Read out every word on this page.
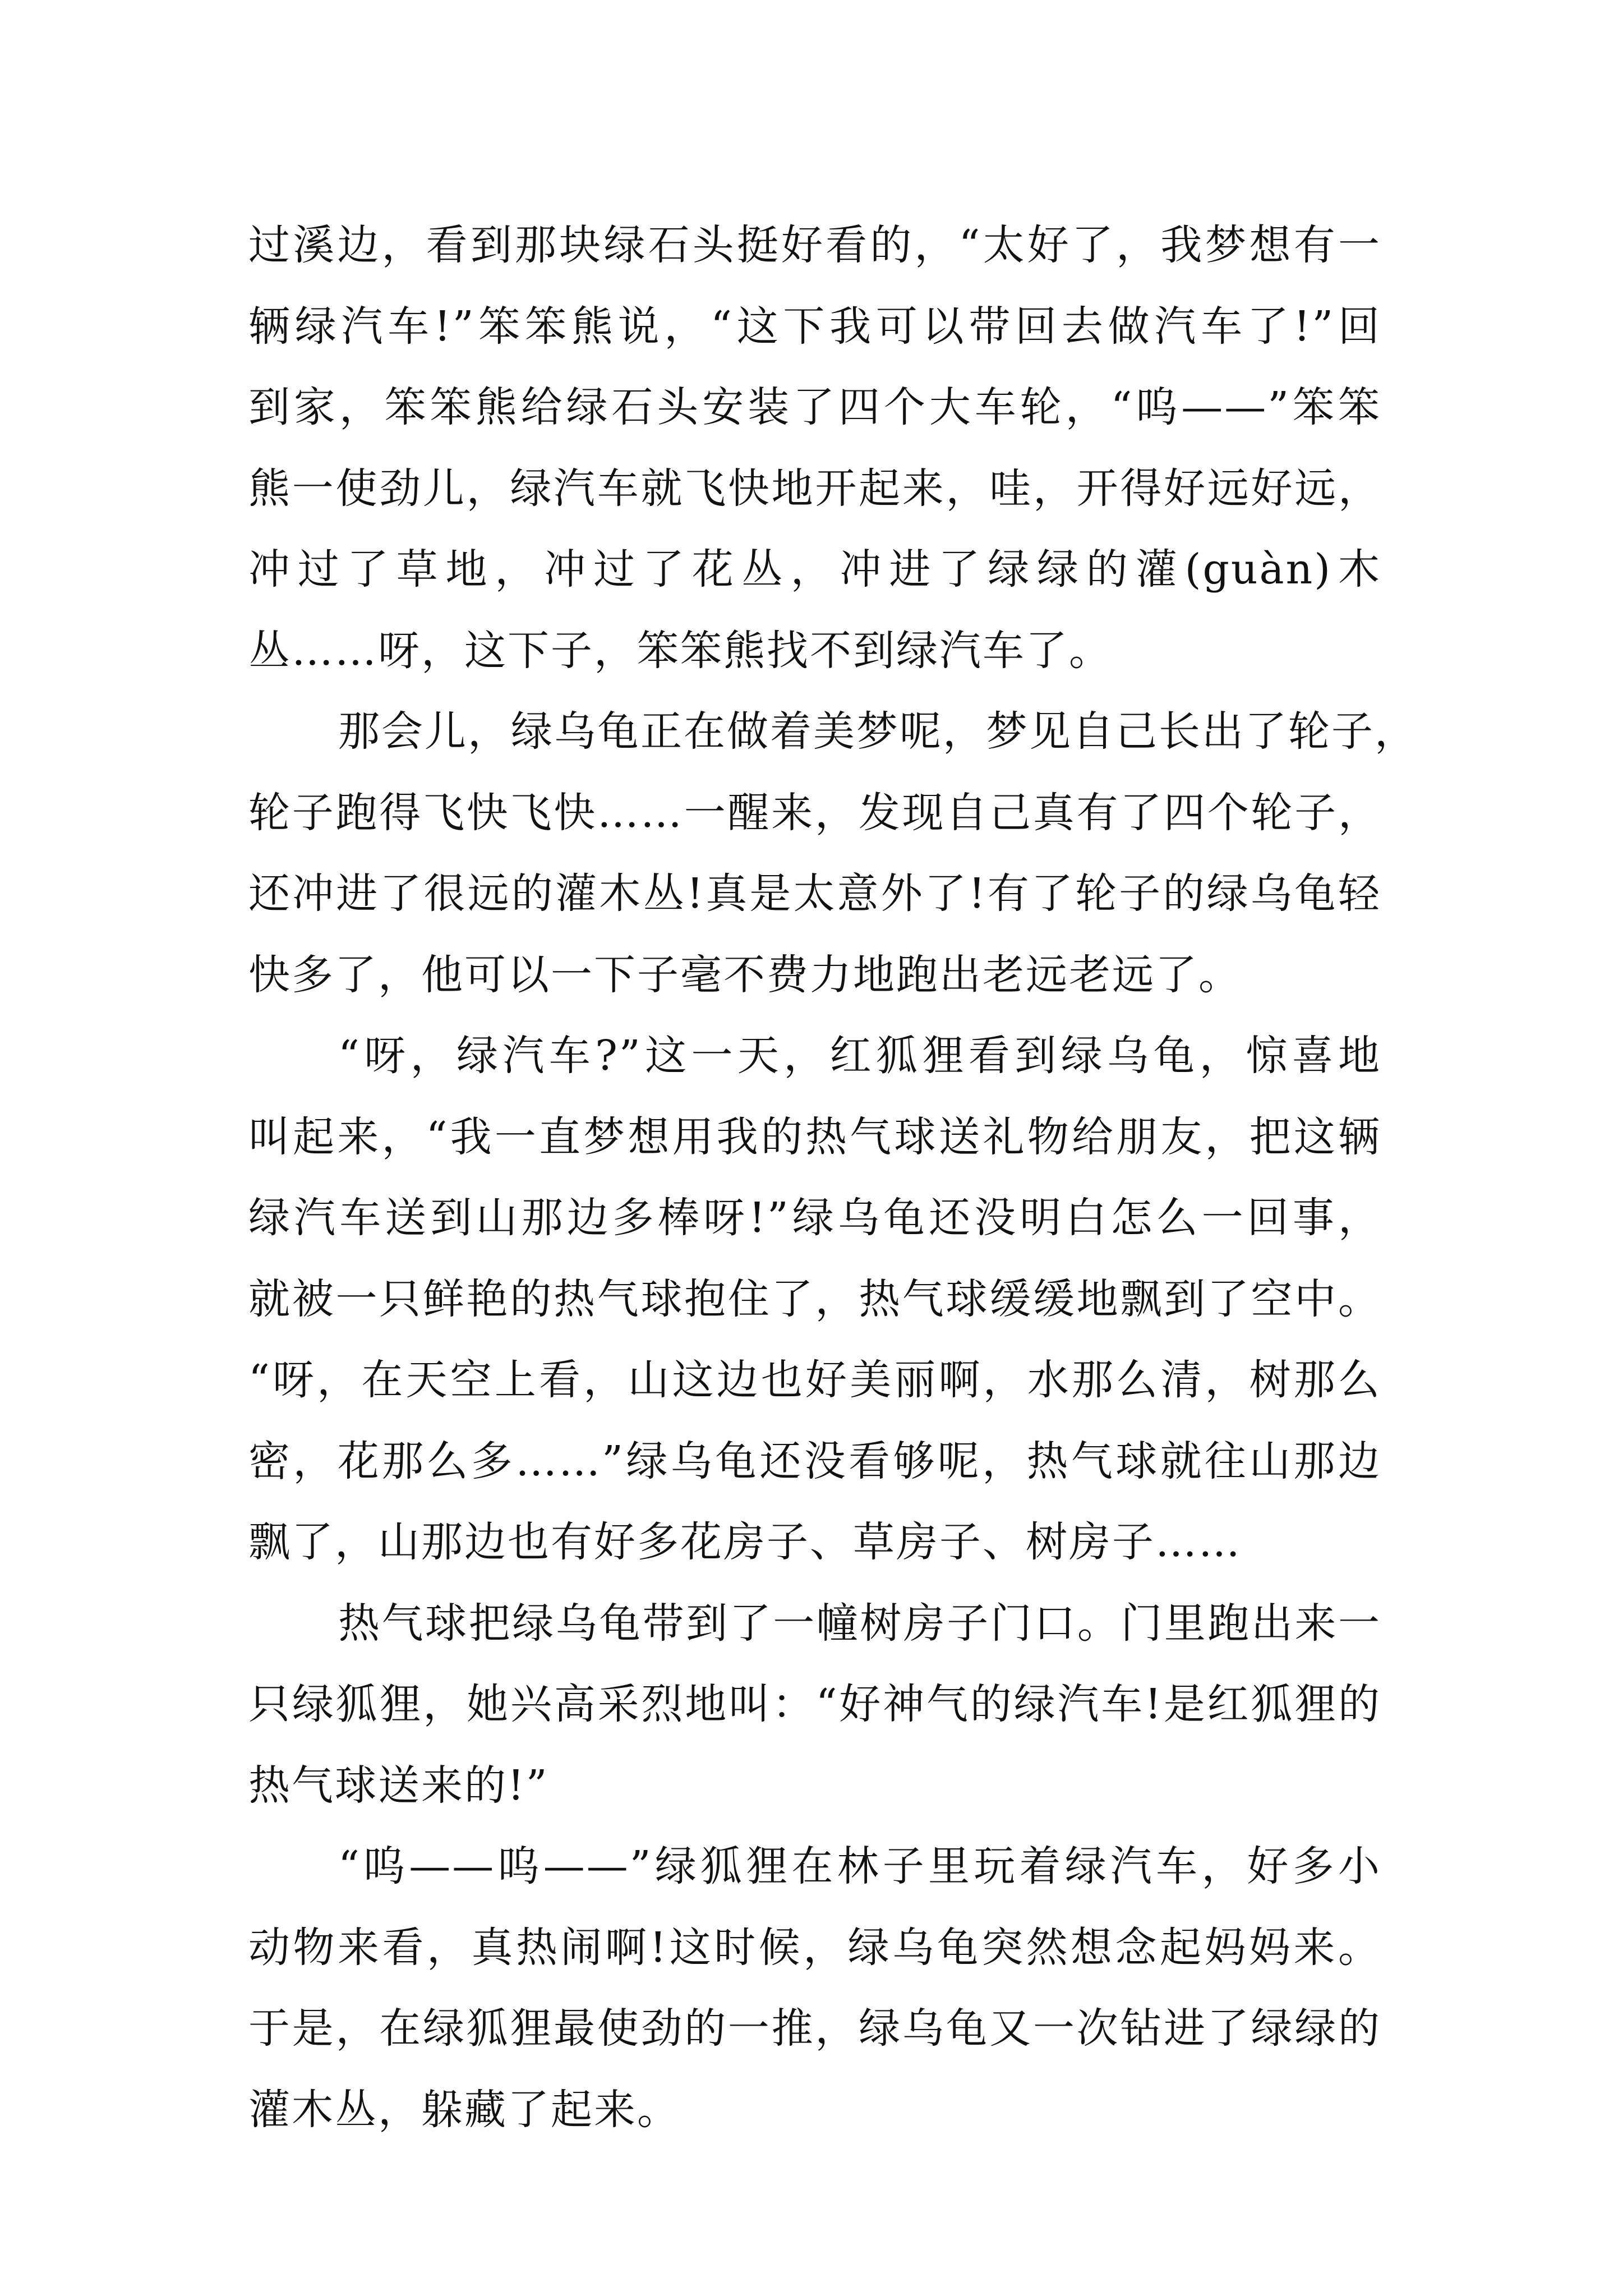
过溪边，看到那块绿石头挺好看的，“太好了，我梦想有一
辆绿汽车!”笨笨熊说，“这下我可以带回去做汽车了!”回
到家，笨笨熊给绿石头安装了四个大车轮，“呜——”笨笨
熊一使劲儿，绿汽车就飞快地开起来，哇，开得好远好远，
冲过了草地，冲过了花丛，冲进了绿绿的灌(guàn)木
丛……呀，这下子，笨笨熊找不到绿汽车了。
那会儿，绿乌龟正在做着美梦呢，梦见自己长出了轮子，
轮子跑得飞快飞快……一醒来，发现自己真有了四个轮子，
还冲进了很远的灌木丛!真是太意外了!有了轮子的绿乌龟轻
快多了，他可以一下子毫不费力地跑出老远老远了。
“呀，绿汽车?”这一天，红狐狸看到绿乌龟，惊喜地
叫起来，“我一直梦想用我的热气球送礼物给朋友，把这辆
绿汽车送到山那边多棒呀!”绿乌龟还没明白怎么一回事，
就被一只鲜艳的热气球抱住了，热气球缓缓地飘到了空中。
“呀，在天空上看，山这边也好美丽啊，水那么清，树那么
密，花那么多……”绿乌龟还没看够呢，热气球就往山那边
飘了，山那边也有好多花房子、草房子、树房子……
热气球把绿乌龟带到了一幢树房子门口。门里跑出来一
只绿狐狸，她兴高采烈地叫：“好神气的绿汽车!是红狐狸的
热气球送来的!”
“呜——呜——”绿狐狸在林子里玩着绿汽车，好多小
动物来看，真热闹啊!这时候，绿乌龟突然想念起妈妈来。
于是，在绿狐狸最使劲的一推，绿乌龟又一次钻进了绿绿的
灌木丛，躲藏了起来。
